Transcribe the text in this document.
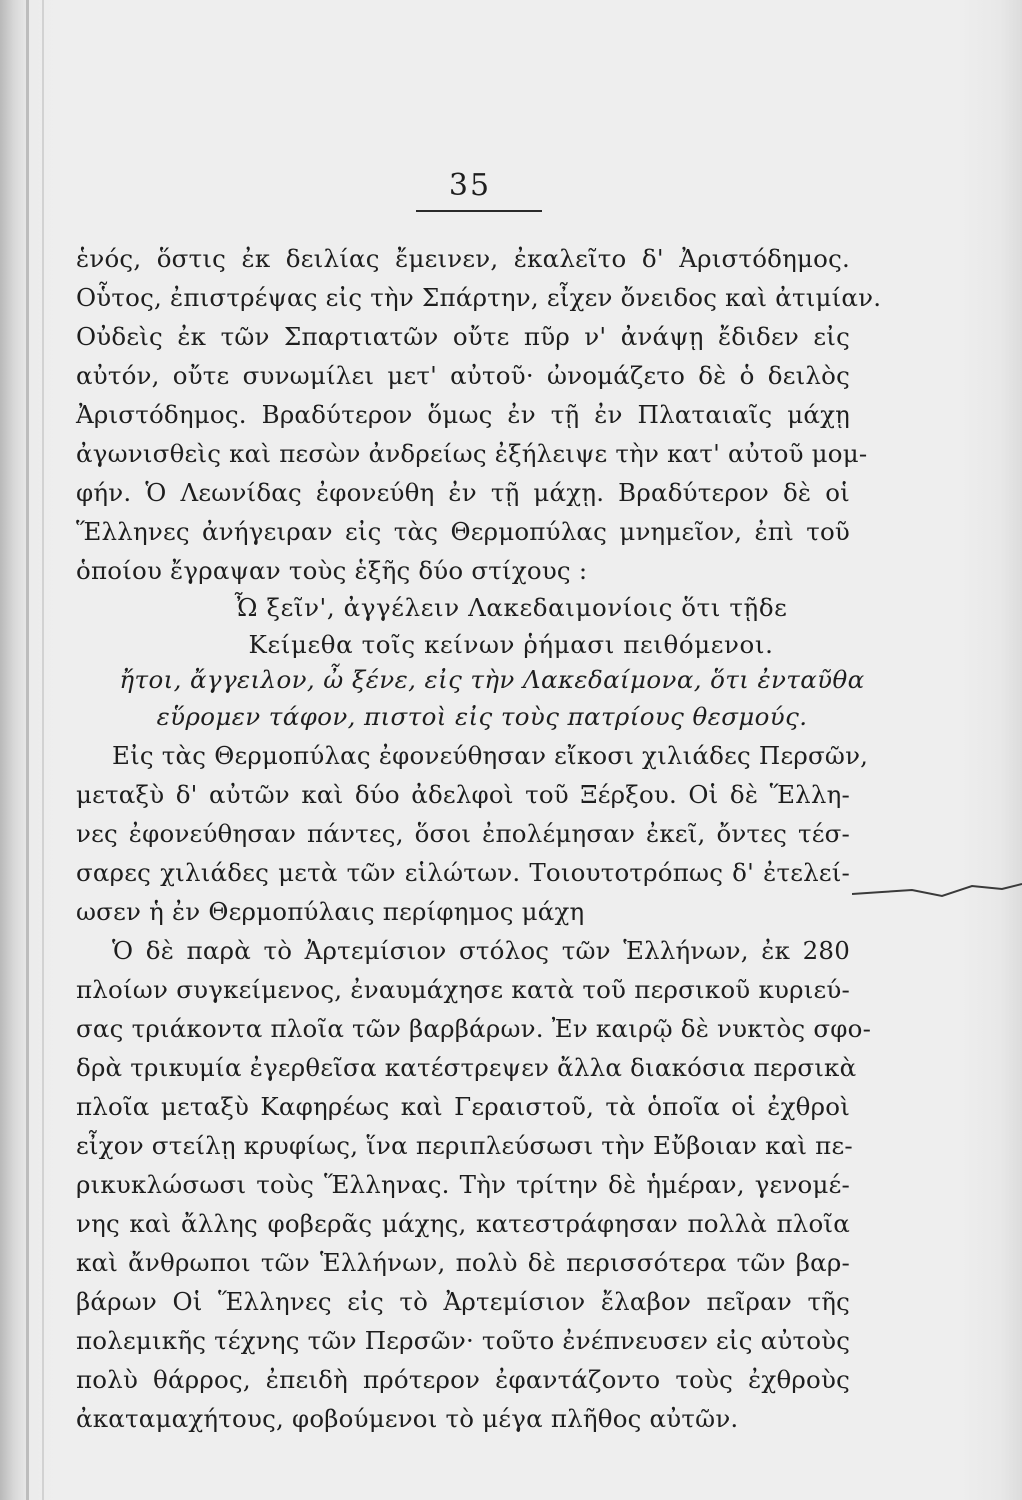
35
ἑνός, ὅστις ἐκ δειλίας ἔμεινεν, ἐκαλεῖτο δ' Ἀριστόδημος.
Οὗτος, ἐπιστρέψας εἰς τὴν Σπάρτην, εἶχεν ὄνειδος καὶ ἀτιμίαν.
Οὐδεὶς ἐκ τῶν Σπαρτιατῶν οὔτε πῦρ ν' ἀνάψῃ ἔδιδεν εἰς
αὐτόν, οὔτε συνωμίλει μετ' αὐτοῦ· ὠνομάζετο δὲ ὁ δειλὸς
Ἀριστόδημος. Βραδύτερον ὅμως ἐν τῇ ἐν Πλαταιαῖς μάχῃ
ἀγωνισθεὶς καὶ πεσὼν ἀνδρείως ἐξήλειψε τὴν κατ' αὐτοῦ μομ-
φήν. Ὁ Λεωνίδας ἐφονεύθη ἐν τῇ μάχῃ. Βραδύτερον δὲ οἱ
Ἕλληνες ἀνήγειραν εἰς τὰς Θερμοπύλας μνημεῖον, ἐπὶ τοῦ
ὁποίου ἔγραψαν τοὺς ἑξῆς δύο στίχους :
Ὦ ξεῖν', ἀγγέλειν Λακεδαιμονίοις ὅτι τῇδε
Κείμεθα τοῖς κείνων ῥήμασι πειθόμενοι.
ἤτοι, ἄγγειλον, ὦ ξένε, εἰς τὴν Λακεδαίμονα, ὅτι ἐνταῦθα
εὕρομεν τάφον, πιστοὶ εἰς τοὺς πατρίους θεσμούς.
Εἰς τὰς Θερμοπύλας ἐφονεύθησαν εἴκοσι χιλιάδες Περσῶν,
μεταξὺ δ' αὐτῶν καὶ δύο ἀδελφοὶ τοῦ Ξέρξου. Οἱ δὲ Ἕλλη-
νες ἐφονεύθησαν πάντες, ὅσοι ἐπολέμησαν ἐκεῖ, ὄντες τέσ-
σαρες χιλιάδες μετὰ τῶν εἱλώτων. Τοιουτοτρόπως δ' ἐτελεί-
ωσεν ἡ ἐν Θερμοπύλαις περίφημος μάχη
Ὁ δὲ παρὰ τὸ Ἀρτεμίσιον στόλος τῶν Ἑλλήνων, ἐκ 280
πλοίων συγκείμενος, ἐναυμάχησε κατὰ τοῦ περσικοῦ κυριεύ-
σας τριάκοντα πλοῖα τῶν βαρβάρων. Ἐν καιρῷ δὲ νυκτὸς σφο-
δρὰ τρικυμία ἐγερθεῖσα κατέστρεψεν ἄλλα διακόσια περσικὰ
πλοῖα μεταξὺ Καφηρέως καὶ Γεραιστοῦ, τὰ ὁποῖα οἱ ἐχθροὶ
εἶχον στείλῃ κρυφίως, ἵνα περιπλεύσωσι τὴν Εὔβοιαν καὶ πε-
ρικυκλώσωσι τοὺς Ἕλληνας. Τὴν τρίτην δὲ ἡμέραν, γενομέ-
νης καὶ ἄλλης φοβερᾶς μάχης, κατεστράφησαν πολλὰ πλοῖα
καὶ ἄνθρωποι τῶν Ἑλλήνων, πολὺ δὲ περισσότερα τῶν βαρ-
βάρων Οἱ Ἕλληνες εἰς τὸ Ἀρτεμίσιον ἔλαβον πεῖραν τῆς
πολεμικῆς τέχνης τῶν Περσῶν· τοῦτο ἐνέπνευσεν εἰς αὐτοὺς
πολὺ θάρρος, ἐπειδὴ πρότερον ἐφαντάζοντο τοὺς ἐχθροὺς
ἀκαταμαχήτους, φοβούμενοι τὸ μέγα πλῆθος αὐτῶν.
